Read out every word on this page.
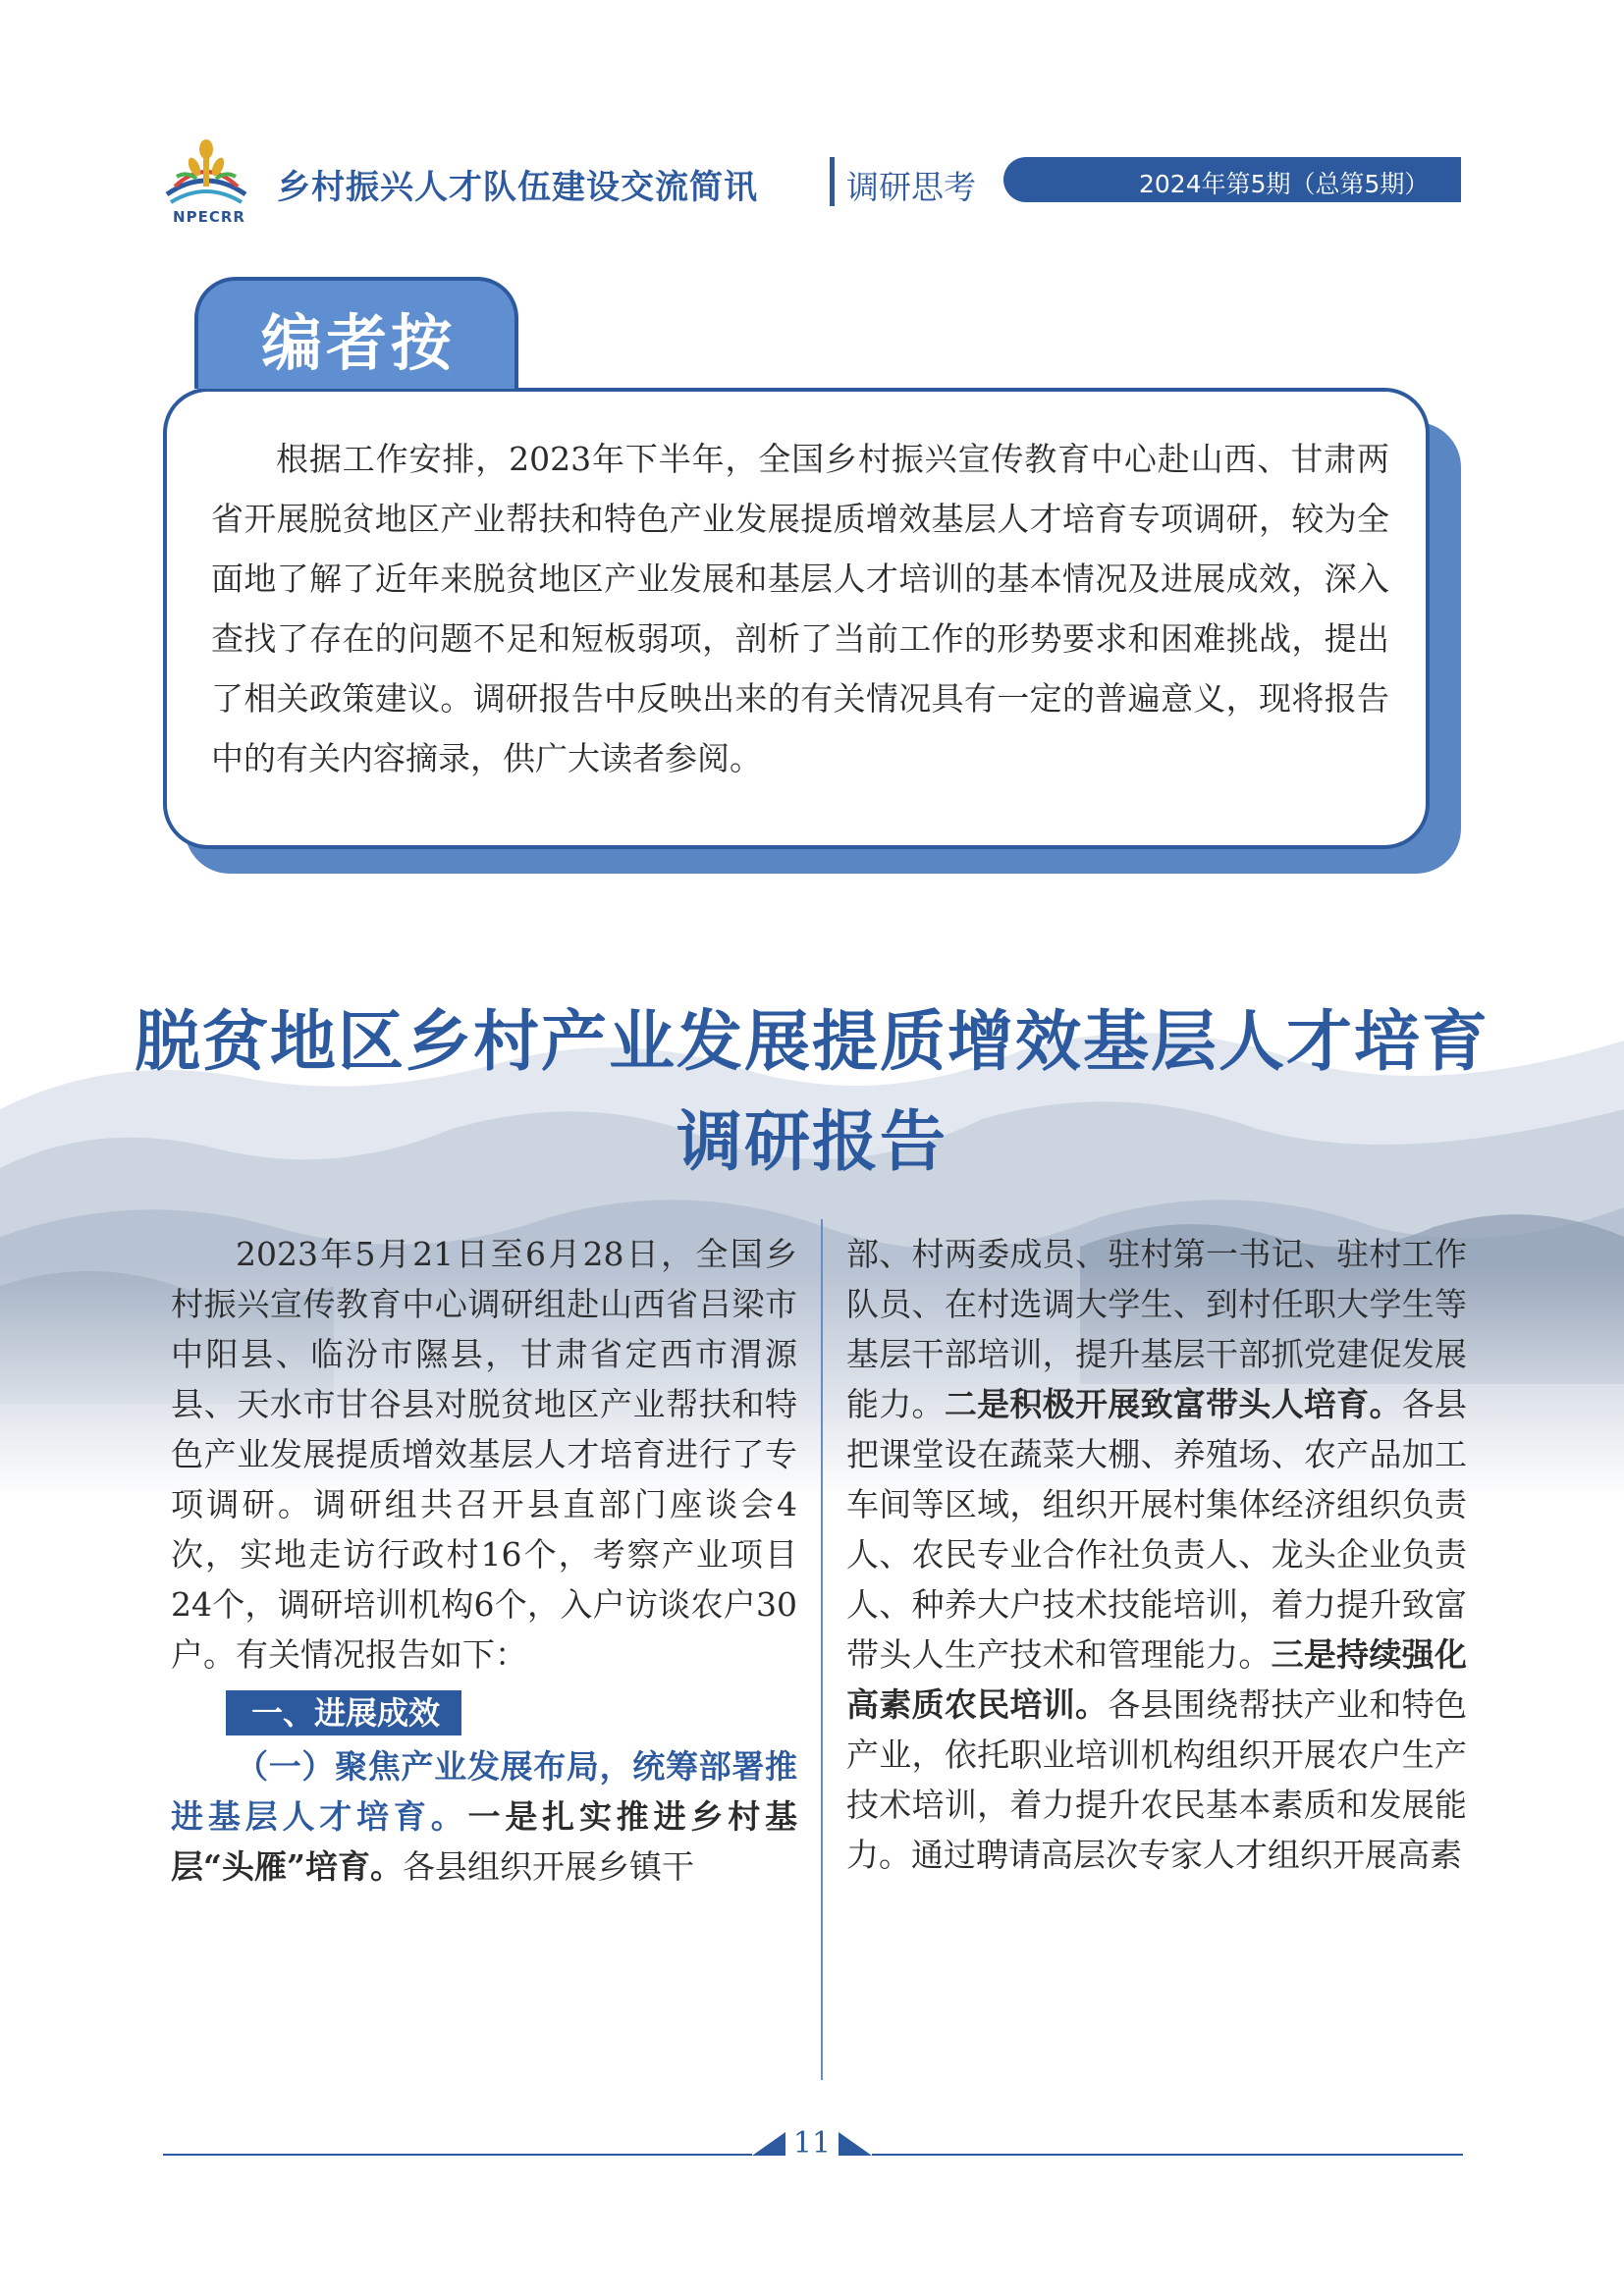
NPECRR
乡村振兴人才队伍建设交流简讯	调研思考	2024年第5期（总第5期）
编者按

根据工作安排，2023年下半年，全国乡村振兴宣传教育中心赴山西、甘肃两省开展脱贫地区产业帮扶和特色产业发展提质增效基层人才培育专项调研，较为全面地了解了近年来脱贫地区产业发展和基层人才培训的基本情况及进展成效，深入查找了存在的问题不足和短板弱项，剖析了当前工作的形势要求和困难挑战，提出了相关政策建议。调研报告中反映出来的有关情况具有一定的普遍意义，现将报告中的有关内容摘录，供广大读者参阅。

脱贫地区乡村产业发展提质增效基层人才培育
调研报告

2023年5月21日至6月28日，全国乡村振兴宣传教育中心调研组赴山西省吕梁市中阳县、临汾市隰县，甘肃省定西市渭源县、天水市甘谷县对脱贫地区产业帮扶和特色产业发展提质增效基层人才培育进行了专项调研。调研组共召开县直部门座谈会4次，实地走访行政村16个，考察产业项目24个，调研培训机构6个，入户访谈农户30户。有关情况报告如下：

一、进展成效

（一）聚焦产业发展布局，统筹部署推进基层人才培育。一是扎实推进乡村基层“头雁”培育。各县组织开展乡镇干

部、村两委成员、驻村第一书记、驻村工作队员、在村选调大学生、到村任职大学生等基层干部培训，提升基层干部抓党建促发展能力。二是积极开展致富带头人培育。各县把课堂设在蔬菜大棚、养殖场、农产品加工车间等区域，组织开展村集体经济组织负责人、农民专业合作社负责人、龙头企业负责人、种养大户技术技能培训，着力提升致富带头人生产技术和管理能力。三是持续强化高素质农民培训。各县围绕帮扶产业和特色产业，依托职业培训机构组织开展农户生产技术培训，着力提升农民基本素质和发展能力。通过聘请高层次专家人才组织开展高素

11
